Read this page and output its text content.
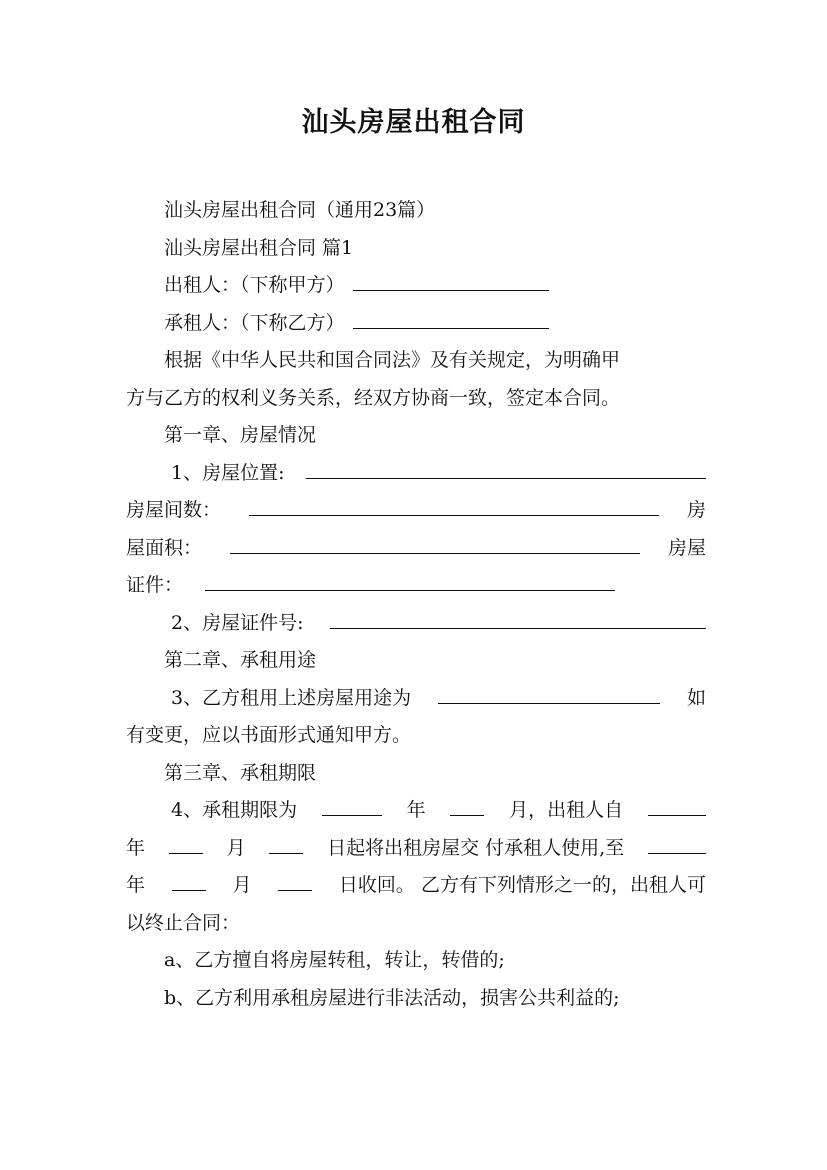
汕头房屋出租合同

汕头房屋出租合同（通用23篇）

汕头房屋出租合同 篇1

出租人：（下称甲方）

承租人：（下称乙方）

根据《中华人民共和国合同法》及有关规定，为明确甲

方与乙方的权利义务关系，经双方协商一致，签定本合同。

第一章、房屋情况

1、房屋位置:
房屋间数：	房
屋面积：	房屋

证件：

2、房屋证件号:

第二章、承租用途

3、乙方租用上述房屋用途为	如

有变更，应以书面形式通知甲方。

第三章、承租期限

4、承租期限为	年	月，出租人自
年	月	日起将出租房屋交 付承租人使用,至
年	月	日收回。 乙方有下列情形之一的，出租人可

以终止合同：

a、乙方擅自将房屋转租，转让，转借的;

b、乙方利用承租房屋进行非法活动，损害公共利益的;
